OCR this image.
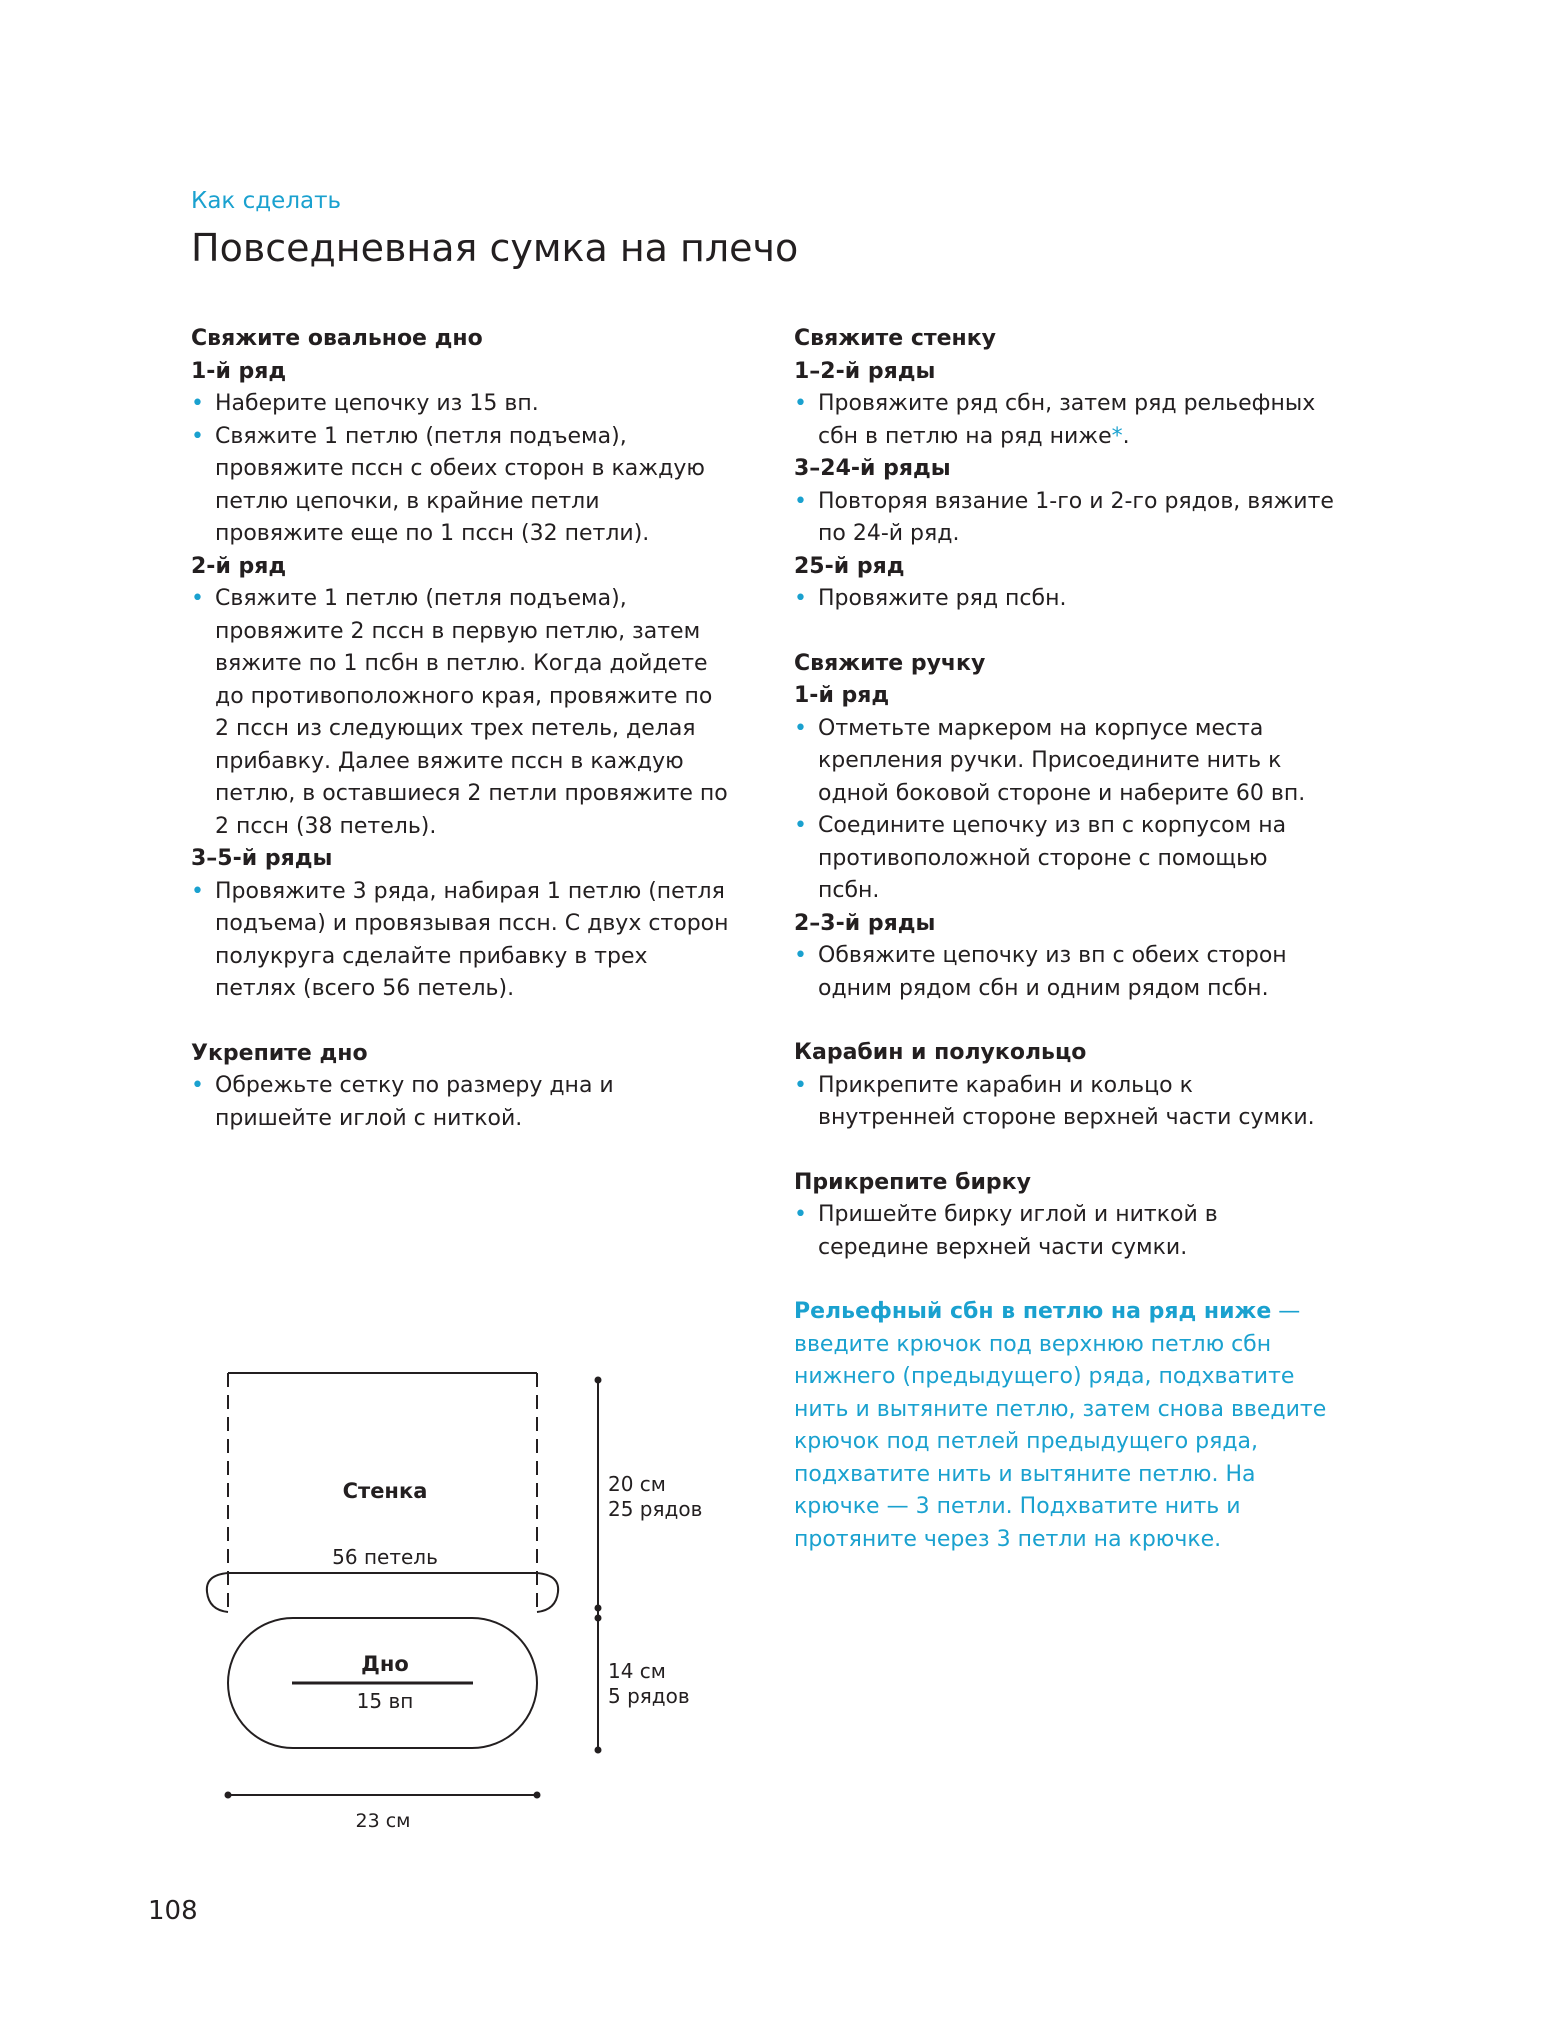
Как сделать
Повседневная сумка на плечо
Свяжите овальное дно
1-й ряд
• Наберите цепочку из 15 вп.
• Свяжите 1 петлю (петля подъема), провяжите пссн с обеих сторон в каждую петлю цепочки, в крайние петли провяжите еще по 1 пссн (32 петли).
2-й ряд
• Свяжите 1 петлю (петля подъема), провяжите 2 пссн в первую петлю, затем вяжите по 1 псбн в петлю. Когда дойдете до противоположного края, провяжите по 2 пссн из следующих трех петель, делая прибавку. Далее вяжите пссн в каждую петлю, в оставшиеся 2 петли провяжите по 2 пссн (38 петель).
3–5-й ряды
• Провяжите 3 ряда, набирая 1 петлю (петля подъема) и провязывая пссн. С двух сторон полукруга сделайте прибавку в трех петлях (всего 56 петель).
Укрепите дно
• Обрежьте сетку по размеру дна и пришейте иглой с ниткой.
Свяжите стенку
1–2-й ряды
• Провяжите ряд сбн, затем ряд рельефных сбн в петлю на ряд ниже*.
3–24-й ряды
• Повторяя вязание 1-го и 2-го рядов, вяжите по 24-й ряд.
25-й ряд
• Провяжите ряд псбн.
Свяжите ручку
1-й ряд
• Отметьте маркером на корпусе места крепления ручки. Присоедините нить к одной боковой стороне и наберите 60 вп.
• Соедините цепочку из вп с корпусом на противоположной стороне с помощью псбн.
2–3-й ряды
• Обвяжите цепочку из вп с обеих сторон одним рядом сбн и одним рядом псбн.
Карабин и полукольцо
• Прикрепите карабин и кольцо к внутренней стороне верхней части сумки.
Прикрепите бирку
• Пришейте бирку иглой и ниткой в середине верхней части сумки.
Рельефный сбн в петлю на ряд ниже — введите крючок под верхнюю петлю сбн нижнего (предыдущего) ряда, подхватите нить и вытяните петлю, затем снова введите крючок под петлей предыдущего ряда, подхватите нить и вытяните петлю. На крючке — 3 петли. Подхватите нить и протяните через 3 петли на крючке.
Стенка
56 петель
Дно
15 вп
20 см
25 рядов
14 см
5 рядов
23 см
108
